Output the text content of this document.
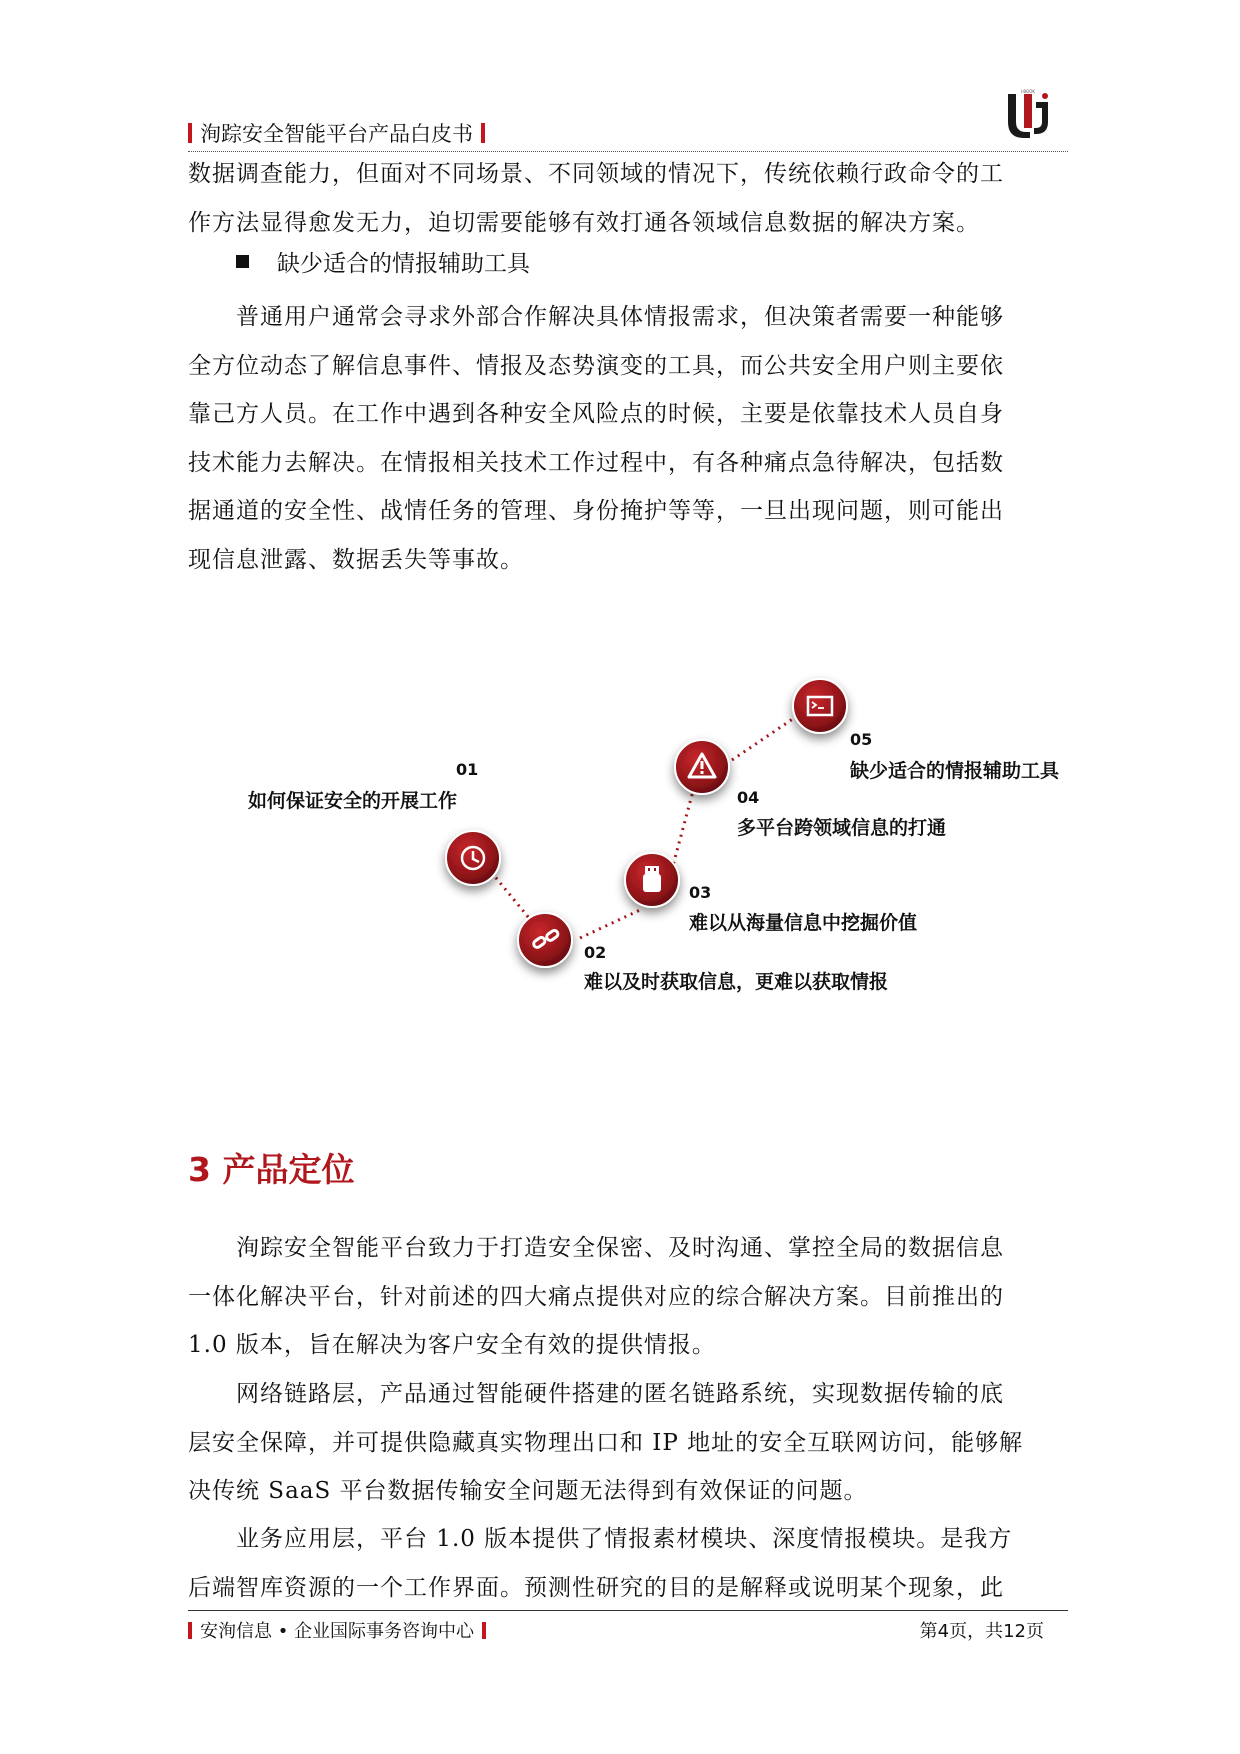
洵踪安全智能平台产品白皮书
I-BOOK
数据调查能力，但面对不同场景、不同领域的情况下，传统依赖行政命令的工
作方法显得愈发无力，迫切需要能够有效打通各领域信息数据的解决方案。
缺少适合的情报辅助工具
普通用户通常会寻求外部合作解决具体情报需求，但决策者需要一种能够
全方位动态了解信息事件、情报及态势演变的工具，而公共安全用户则主要依
靠己方人员。在工作中遇到各种安全风险点的时候，主要是依靠技术人员自身
技术能力去解决。在情报相关技术工作过程中，有各种痛点急待解决，包括数
据通道的安全性、战情任务的管理、身份掩护等等，一旦出现问题，则可能出
现信息泄露、数据丢失等事故。
01
如何保证安全的开展工作
02
难以及时获取信息，更难以获取情报
03
难以从海量信息中挖掘价值
04
多平台跨领域信息的打通
05
缺少适合的情报辅助工具
3 产品定位
洵踪安全智能平台致力于打造安全保密、及时沟通、掌控全局的数据信息
一体化解决平台，针对前述的四大痛点提供对应的综合解决方案。目前推出的
1.0 版本，旨在解决为客户安全有效的提供情报。
网络链路层，产品通过智能硬件搭建的匿名链路系统，实现数据传输的底
层安全保障，并可提供隐藏真实物理出口和 IP 地址的安全互联网访问，能够解
决传统 SaaS 平台数据传输安全问题无法得到有效保证的问题。
业务应用层，平台 1.0 版本提供了情报素材模块、深度情报模块。是我方
后端智库资源的一个工作界面。预测性研究的目的是解释或说明某个现象，此
安洵信息 • 企业国际事务咨询中心	第4页，共12页
